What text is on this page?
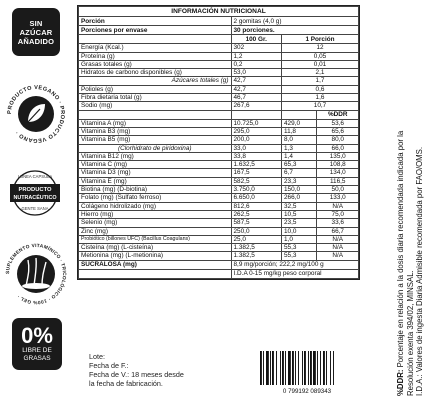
SIN
AZÚCAR
AÑADIDO
PRODUCTO VEGANO · PRODUCTO VEGANO ·
LUNEA CAPSULA
PRODUCTO
NUTRACÉUTICO
GENTE SANA
SUPLEMENTO VITAMÍNICO · TRICOLÓGICO · 100% GEL ·
0%
LIBRE DE
GRASAS
INFORMACIÓN NUTRICIONAL			
Porción	2 gomitas (4,0 g)		
Porciones por envase	30 porciones.		
	100 Gr.	1 Porción	
Energía (Kcal.)	302	12	
Proteína (g)	1,2	0,05	
Grasas totales (g)	0,2	0,01	
Hidratos de carbono disponibles (g)	53,0	2,1	
Azúcares totales (g)	42,7	1,7	
Polioles (g)	42,7	0,6	
Fibra dietaria total (g)	46,7	1,6	
Sodio (mg)	267,6	10,7	
			%DDR
Vitamina A (mg)	10.725,0	429,0	53,6
Vitamina B3 (mg)	295,0	11,8	65,6
Vitamina B5 (mg)	200,0	8,0	80,0
(Clorhidrato de piridoxina)	33,0	1,3	66,0
Vitamina B12 (mg)	33,8	1,4	135,0
Vitamina C (mg)	1.632,5	65,3	108,8
Vitamina D3 (mg)	167,5	6,7	134,0
Vitamina E (mg)	582,5	23,3	116,5
Biotina (mg) (D-biotina)	3.750,0	150,0	50,0
Folato (mg) (Sulfato ferroso)	6.650,0	266,0	133,0
Colágeno hidrolizado (mg)	812,6	32,5	N/A
Hierro (mg)	262,5	10,5	75,0
Selenio (mg)	587,5	23,5	33,6
Zinc (mg)	250,0	10,0	66,7
Probiótico (billones UFC) (Bacillus Coagulans)	25,0	1,0	N/A
Cisteína (mg) (L-cisteína)	1.382,5	55,3	N/A
Metionina (mg) (L-metionina)	1.382,5	55,3	N/A
SUCRALOSA (mg)	8,9 mg/porción; 222,2 mg/100 g		
	I.D.A 0-15 mg/kg peso corporal		
Lote:
Fecha de F.:
Fecha de V.: 18 meses desde
la fecha de fabricación.
0 799192 089343	%DDR: Porcentaje en relación a la dosis diaria recomendada indicada por la Resolución exenta 394/02, MINSAL. I.D.A.: Valores de ingesta Diaria Admisible recomendada por FAO/OMS.
